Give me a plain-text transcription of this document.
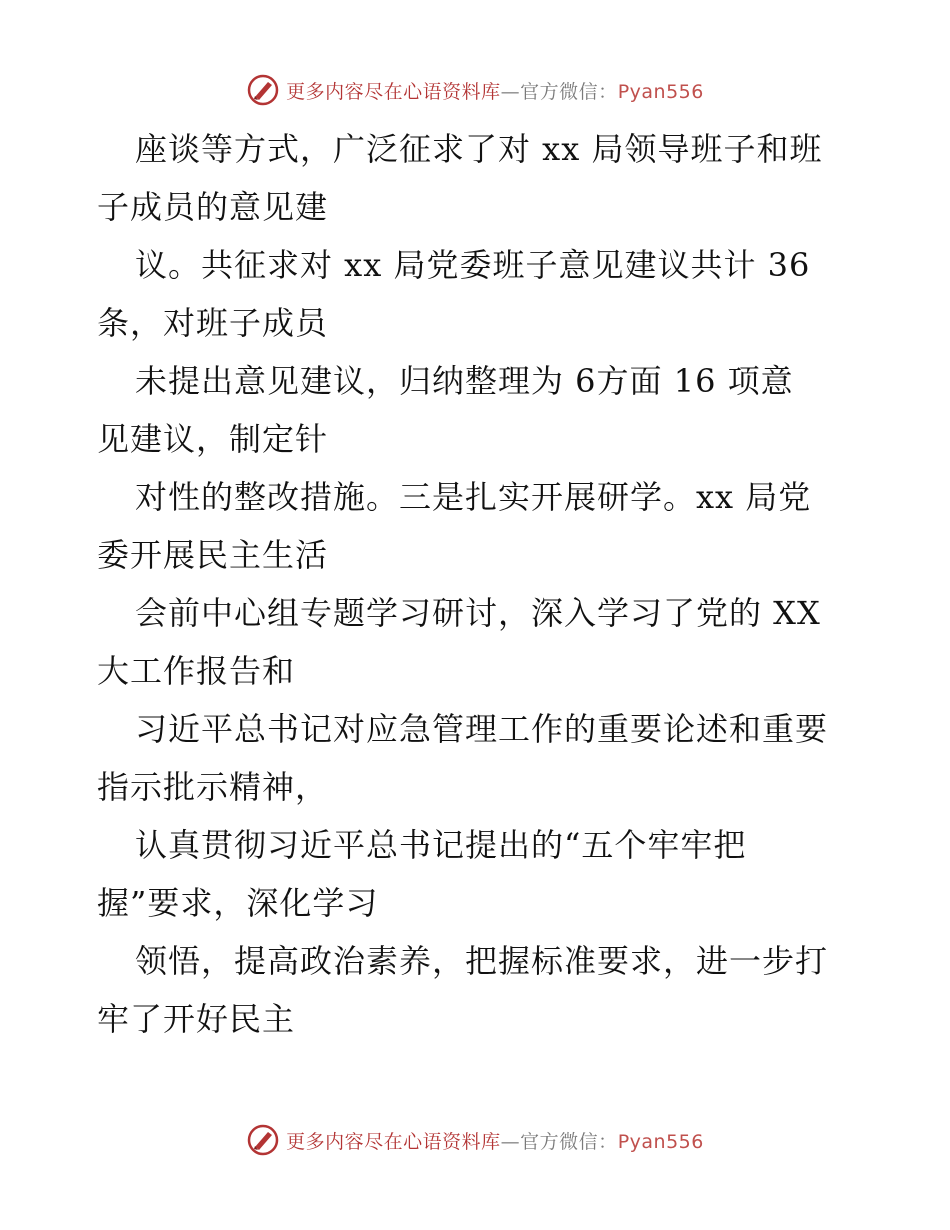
更多内容尽在心语资料库—官方微信：Pyan556
座谈等方式，广泛征求了对 xx 局领导班子和班
子成员的意见建
议。共征求对 xx 局党委班子意见建议共计 36
条，对班子成员
未提出意见建议，归纳整理为 6方面 16 项意
见建议，制定针
对性的整改措施。三是扎实开展研学。xx 局党
委开展民主生活
会前中心组专题学习研讨，深入学习了党的 XX
大工作报告和
习近平总书记对应急管理工作的重要论述和重要
指示批示精神，
认真贯彻习近平总书记提出的“五个牢牢把
握”要求，深化学习
领悟，提高政治素养，把握标准要求，进一步打
牢了开好民主
更多内容尽在心语资料库—官方微信：Pyan556
